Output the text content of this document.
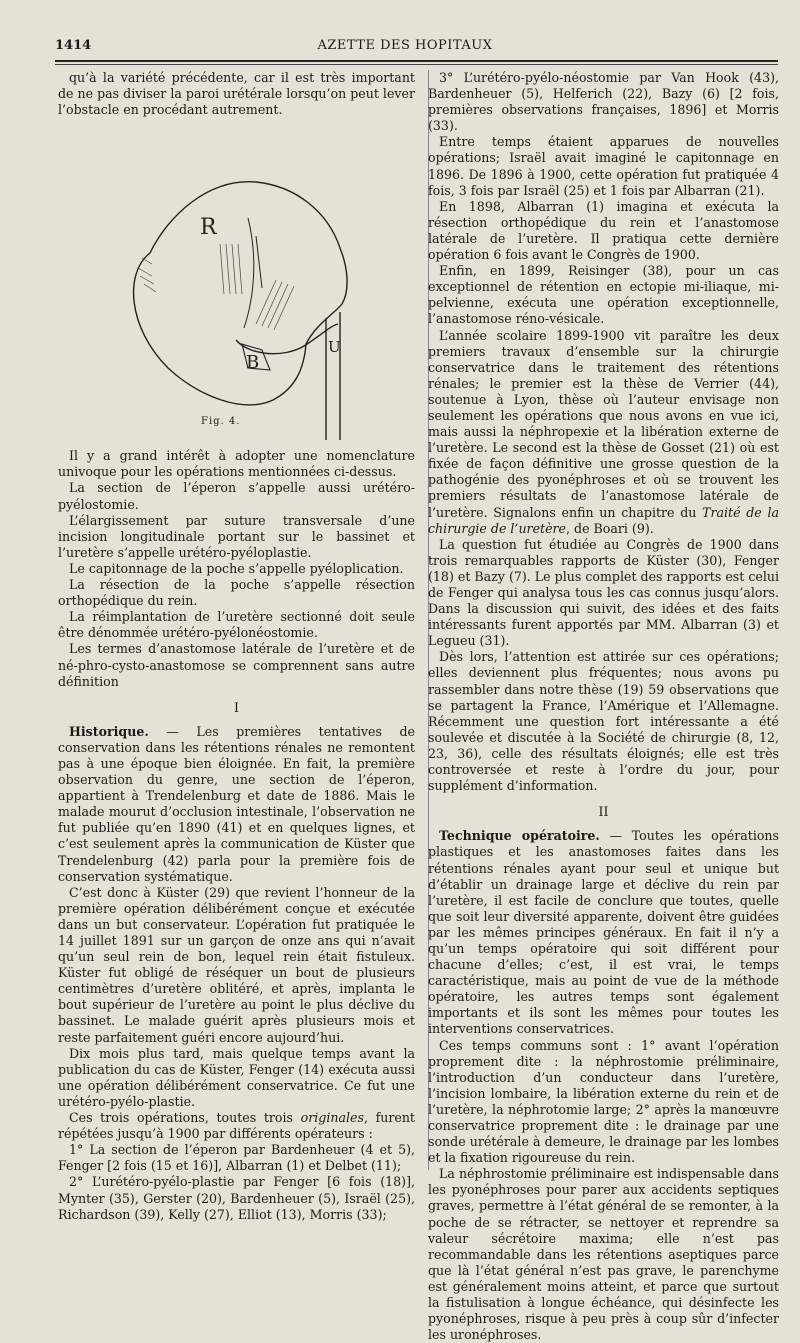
1414	AZETTE DES HOPITAUX

qu’à la variété précédente, car il est très important de ne pas diviser la paroi urétérale lorsqu’on peut lever l’obstacle en procédant autrement.

R
B
U
Fig. 4.

Il y a grand intérêt à adopter une nomenclature univoque pour les opérations mentionnées ci-dessus.

La section de l’éperon s’appelle aussi urétéro-pyélostomie.

L’élargissement par suture transversale d’une incision longitudinale portant sur le bassinet et l’uretère s’appelle urétéro-pyéloplastie.

Le capitonnage de la poche s’appelle pyéloplication.

La résection de la poche s’appelle résection orthopédique du rein.

La réimplantation de l’uretère sectionné doit seule être dénommée urétéro-pyélonéostomie.

Les termes d’anastomose latérale de l’uretère et de né-phro-cysto-anastomose se comprennent sans autre définition

I

Historique. — Les premières tentatives de conservation dans les rétentions rénales ne remontent pas à une époque bien éloignée. En fait, la première observation du genre, une section de l’éperon, appartient à Trendelenburg et date de 1886. Mais le malade mourut d’occlusion intestinale, l’observation ne fut publiée qu’en 1890 (41) et en quelques lignes, et c’est seulement après la communication de Küster que Trendelenburg (42) parla pour la première fois de conservation systématique.

C’est donc à Küster (29) que revient l’honneur de la première opération délibérément conçue et exécutée dans un but conservateur. L’opération fut pratiquée le 14 juillet 1891 sur un garçon de onze ans qui n’avait qu’un seul rein de bon, lequel rein était fistuleux. Küster fut obligé de réséquer un bout de plusieurs centimètres d’uretère oblitéré, et après, implanta le bout supérieur de l’uretère au point le plus déclive du bassinet. Le malade guérit après plusieurs mois et reste parfaitement guéri encore aujourd’hui.

Dix mois plus tard, mais quelque temps avant la publication du cas de Küster, Fenger (14) exécuta aussi une opération délibérément conservatrice. Ce fut une urétéro-pyélo-plastie.

Ces trois opérations, toutes trois originales, furent répétées jusqu’à 1900 par différents opérateurs :

1° La section de l’éperon par Bardenheuer (4 et 5), Fenger [2 fois (15 et 16)], Albarran (1) et Delbet (11);

2° L’urétéro-pyélo-plastie par Fenger [6 fois (18)], Mynter (35), Gerster (20), Bardenheuer (5), Israël (25), Richardson (39), Kelly (27), Elliot (13), Morris (33);

3° L’urétéro-pyélo-néostomie par Van Hook (43), Bardenheuer (5), Helferich (22), Bazy (6) [2 fois, premières observations françaises, 1896] et Morris (33).

Entre temps étaient apparues de nouvelles opérations; Israël avait imaginé le capitonnage en 1896. De 1896 à 1900, cette opération fut pratiquée 4 fois, 3 fois par Israël (25) et 1 fois par Albarran (21).

En 1898, Albarran (1) imagina et exécuta la résection orthopédique du rein et l’anastomose latérale de l’uretère. Il pratiqua cette dernière opération 6 fois avant le Congrès de 1900.

Enfin, en 1899, Reisinger (38), pour un cas exceptionnel de rétention en ectopie mi-iliaque, mi-pelvienne, exécuta une opération exceptionnelle, l’anastomose réno-vésicale.

L’année scolaire 1899-1900 vit paraître les deux premiers travaux d’ensemble sur la chirurgie conservatrice dans le traitement des rétentions rénales; le premier est la thèse de Verrier (44), soutenue à Lyon, thèse où l’auteur envisage non seulement les opérations que nous avons en vue ici, mais aussi la néphropexie et la libération externe de l’uretère. Le second est la thèse de Gosset (21) où est fixée de façon définitive une grosse question de la pathogénie des pyonéphroses et où se trouvent les premiers résultats de l’anastomose latérale de l’uretère. Signalons enfin un chapitre du Traité de la chirurgie de l’uretère, de Boari (9).

La question fut étudiée au Congrès de 1900 dans trois remarquables rapports de Küster (30), Fenger (18) et Bazy (7). Le plus complet des rapports est celui de Fenger qui analysa tous les cas connus jusqu’alors. Dans la discussion qui suivit, des idées et des faits intéressants furent apportés par MM. Albarran (3) et Legueu (31).

Dès lors, l’attention est attirée sur ces opérations; elles deviennent plus fréquentes; nous avons pu rassembler dans notre thèse (19) 59 observations que se partagent la France, l’Amérique et l’Allemagne. Récemment une question fort intéressante a été soulevée et discutée à la Société de chirurgie (8, 12, 23, 36), celle des résultats éloignés; elle est très controversée et reste à l’ordre du jour, pour supplément d’information.

II

Technique opératoire. — Toutes les opérations plastiques et les anastomoses faites dans les rétentions rénales ayant pour seul et unique but d’établir un drainage large et déclive du rein par l’uretère, il est facile de conclure que toutes, quelle que soit leur diversité apparente, doivent être guidées par les mêmes principes généraux. En fait il n’y a qu’un temps opératoire qui soit différent pour chacune d’elles; c’est, il est vrai, le temps caractéristique, mais au point de vue de la méthode opératoire, les autres temps sont également importants et ils sont les mêmes pour toutes les interventions conservatrices.

Ces temps communs sont : 1° avant l’opération proprement dite : la néphrostomie préliminaire, l’introduction d’un conducteur dans l’uretère, l’incision lombaire, la libération externe du rein et de l’uretère, la néphrotomie large; 2° après la manœuvre conservatrice proprement dite : le drainage par une sonde urétérale à demeure, le drainage par les lombes et la fixation rigoureuse du rein.

La néphrostomie préliminaire est indispensable dans les pyonéphroses pour parer aux accidents septiques graves, permettre à l’état général de se remonter, à la poche de se rétracter, se nettoyer et reprendre sa valeur sécrétoire maxima; elle n’est pas recommandable dans les rétentions aseptiques parce que là l’état général n’est pas grave, le parenchyme est généralement moins atteint, et parce que surtout la fistulisation à longue échéance, qui désinfecte les pyonéphroses, risque à peu près à coup sûr d’infecter les uronéphroses.
